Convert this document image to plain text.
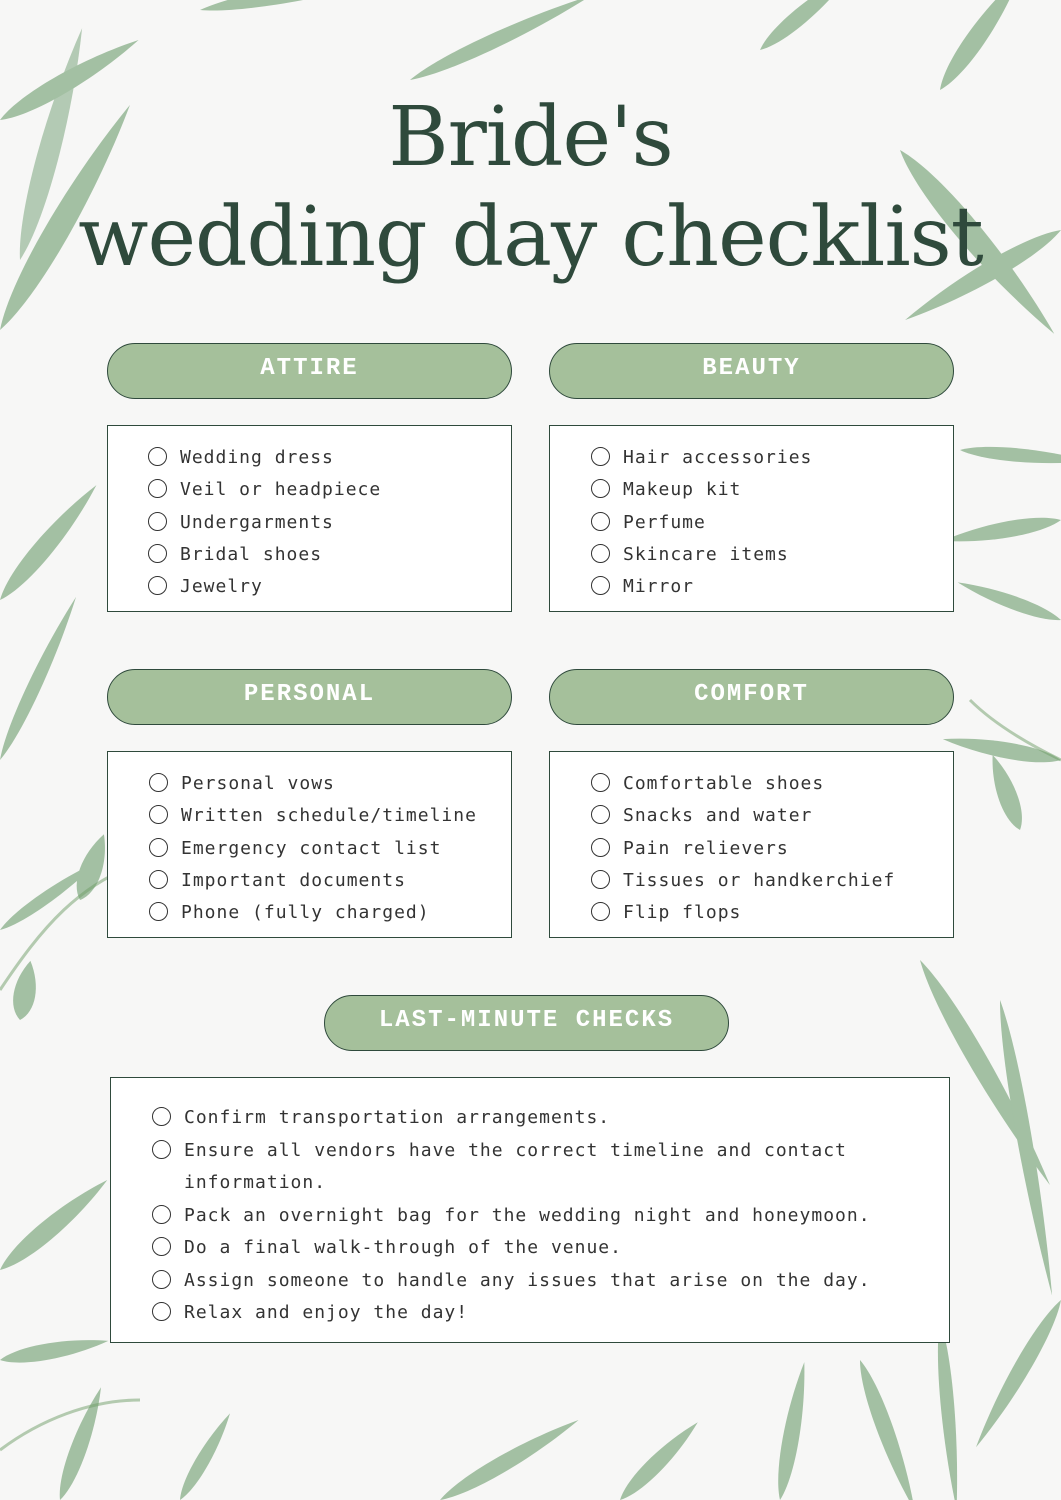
Bride's
wedding day checklist
ATTIRE
Wedding dress
Veil or headpiece
Undergarments
Bridal shoes
Jewelry
BEAUTY
Hair accessories
Makeup kit
Perfume
Skincare items
Mirror
PERSONAL
Personal vows
Written schedule/timeline
Emergency contact list
Important documents
Phone (fully charged)
COMFORT
Comfortable shoes
Snacks and water
Pain relievers
Tissues or handkerchief
Flip flops
LAST-MINUTE CHECKS
Confirm transportation arrangements.
Ensure all vendors have the correct timeline and contact information.
Pack an overnight bag for the wedding night and honeymoon.
Do a final walk-through of the venue.
Assign someone to handle any issues that arise on the day.
Relax and enjoy the day!
